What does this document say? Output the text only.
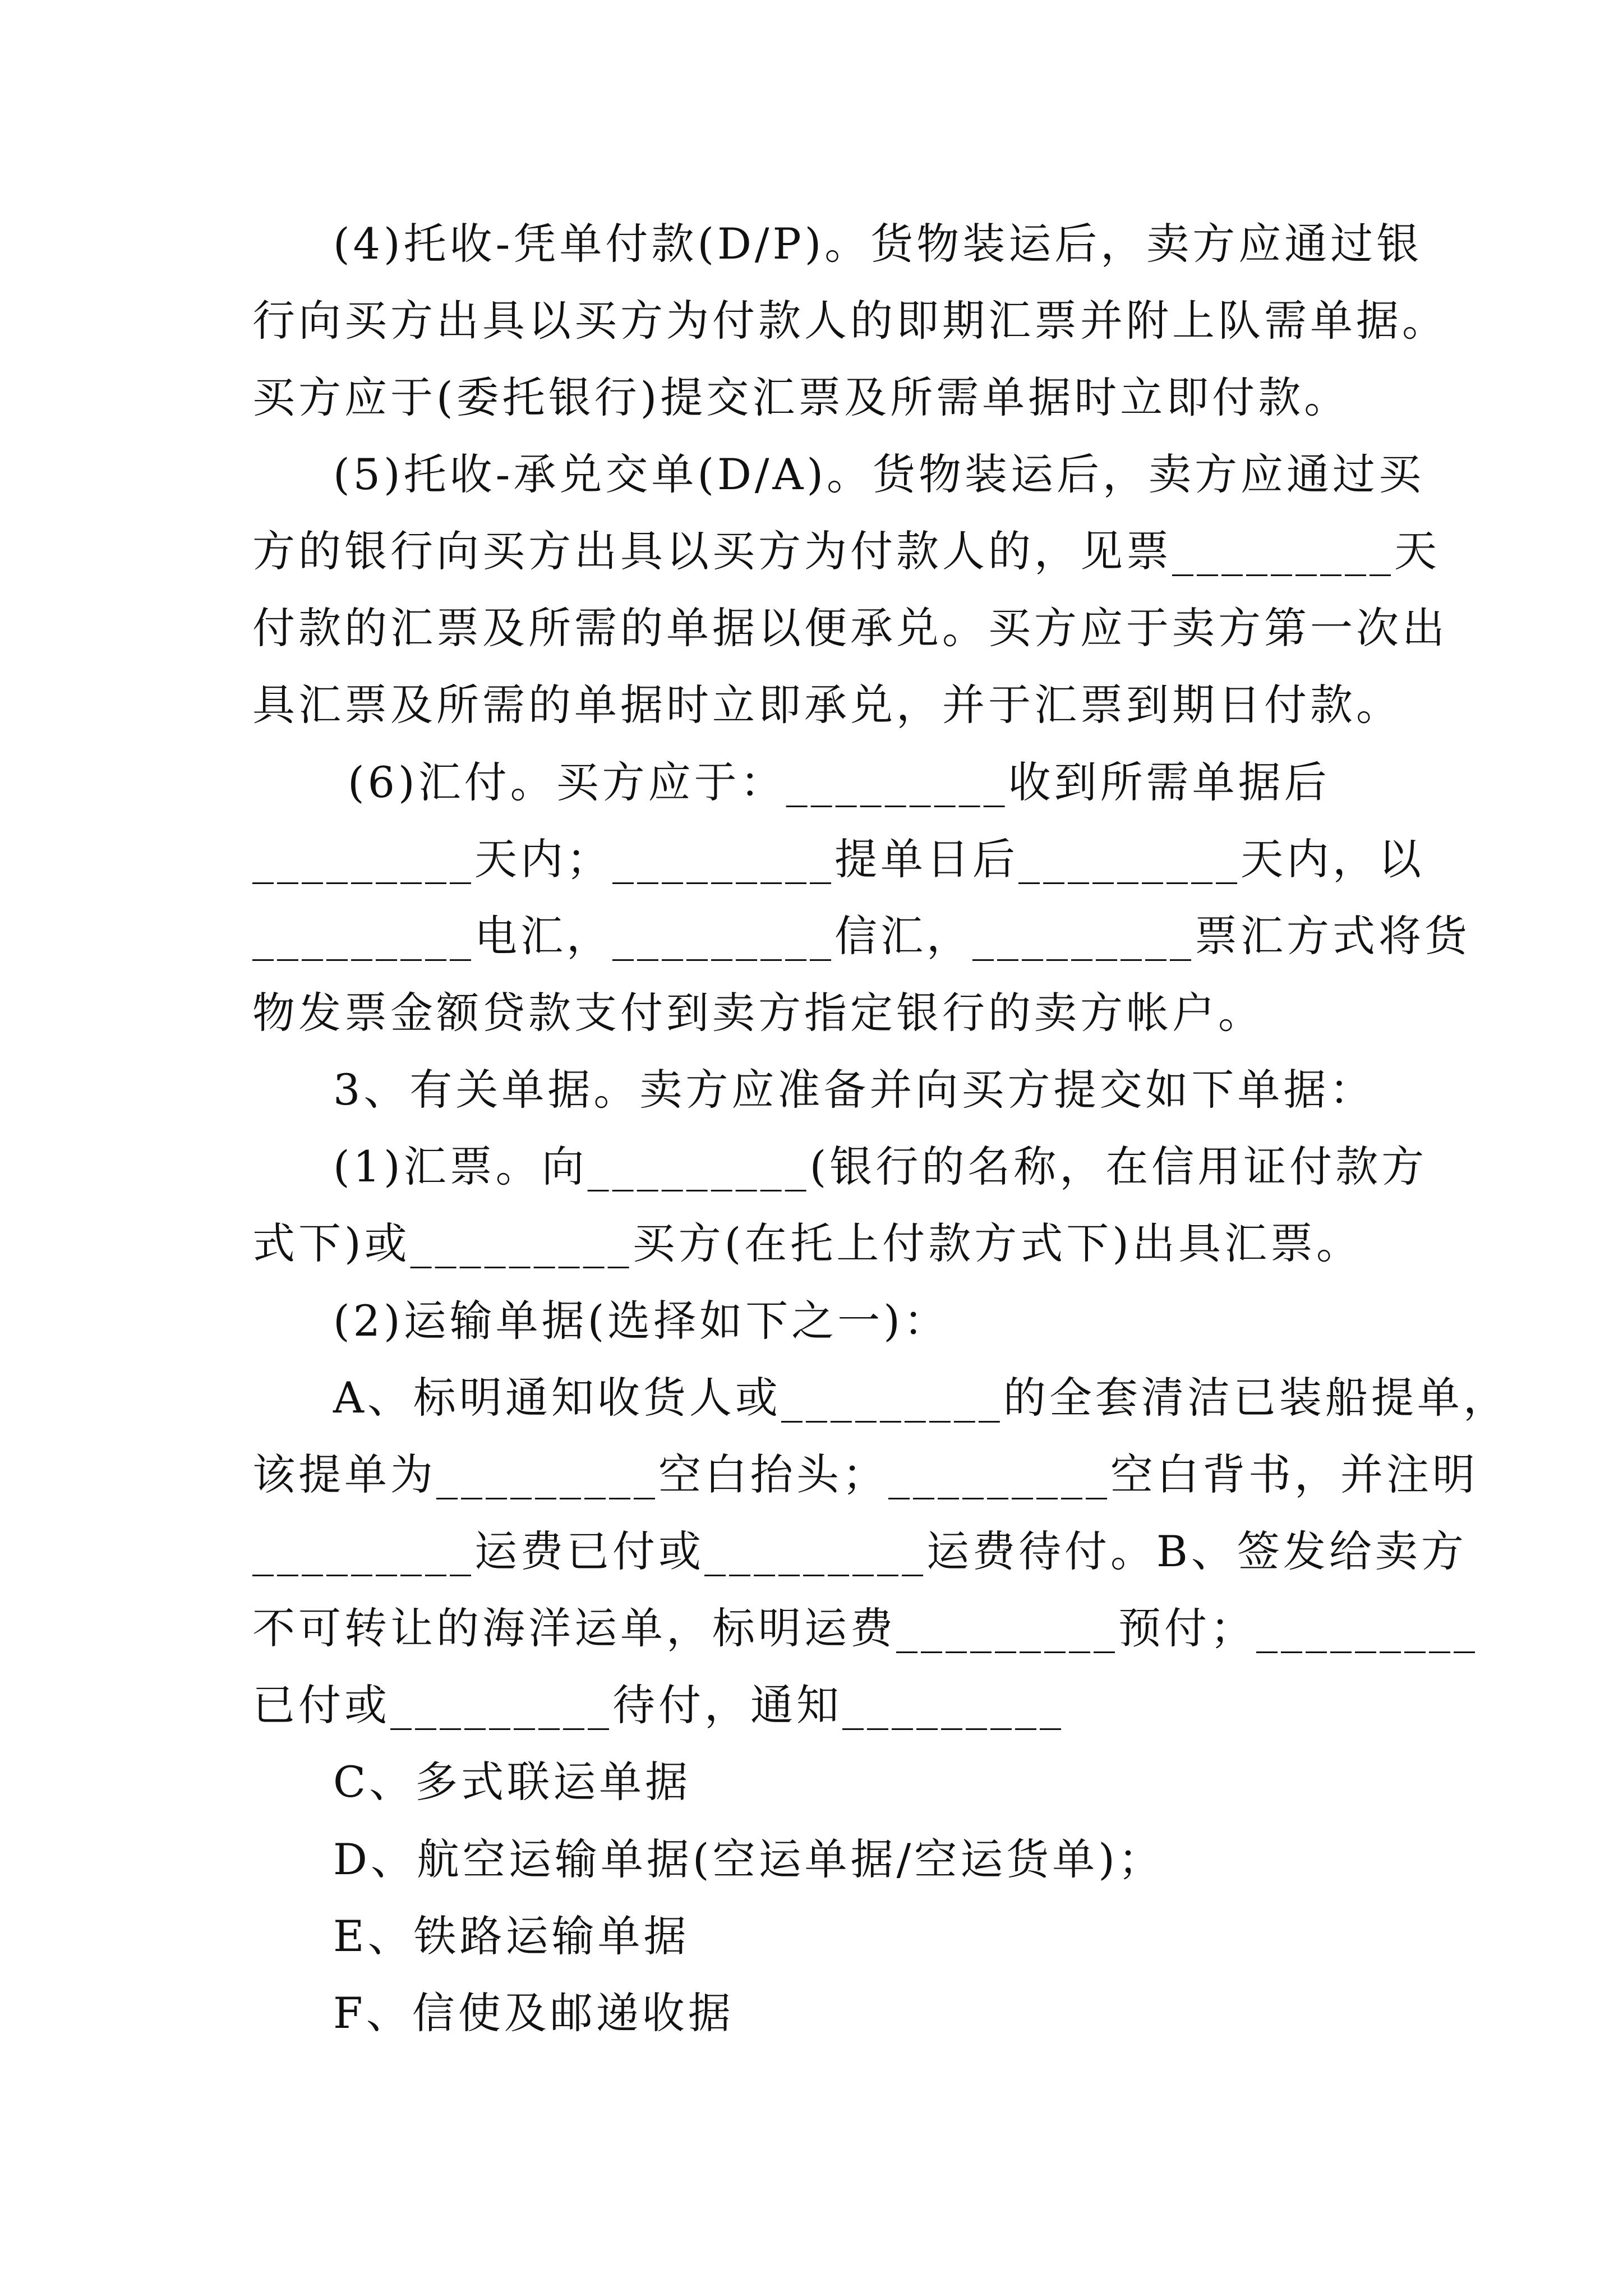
(4)托收-凭单付款(D/P)。货物装运后，卖方应通过银
行向买方出具以买方为付款人的即期汇票并附上队需单据。
买方应于(委托银行)提交汇票及所需单据时立即付款。
(5)托收-承兑交单(D/A)。货物装运后，卖方应通过买
方的银行向买方出具以买方为付款人的，见票_________天
付款的汇票及所需的单据以便承兑。买方应于卖方第一次出
具汇票及所需的单据时立即承兑，并于汇票到期日付款。
(6)汇付。买方应于：_________收到所需单据后
_________天内；_________提单日后_________天内，以
_________电汇，_________信汇，_________票汇方式将货
物发票金额贷款支付到卖方指定银行的卖方帐户。
3、有关单据。卖方应准备并向买方提交如下单据：
(1)汇票。向_________(银行的名称，在信用证付款方
式下)或_________买方(在托上付款方式下)出具汇票。
(2)运输单据(选择如下之一)：
A、标明通知收货人或_________的全套清洁已装船提单，
该提单为_________空白抬头；_________空白背书，并注明
_________运费已付或_________运费待付。B、签发给卖方
不可转让的海洋运单，标明运费_________预付；_________
已付或_________待付，通知_________
C、多式联运单据
D、航空运输单据(空运单据/空运货单)；
E、铁路运输单据
F、信使及邮递收据
